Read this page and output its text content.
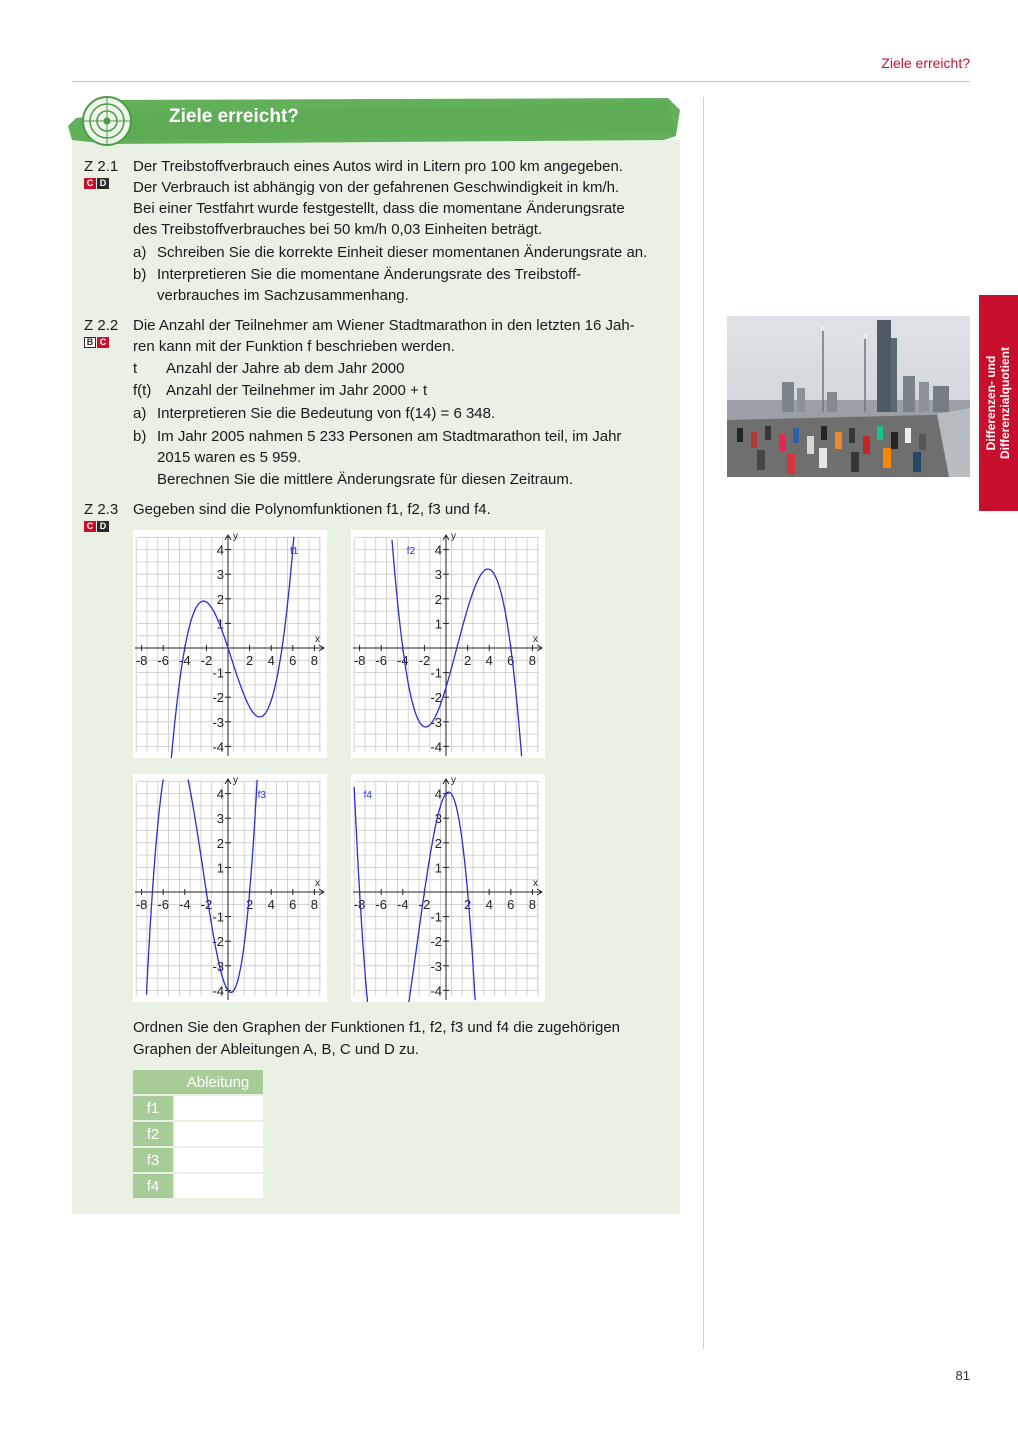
Ziele erreicht?
Ziele erreicht?
Z 2.1
C D
Der Treibstoffverbrauch eines Autos wird in Litern pro 100 km angegeben.
Der Verbrauch ist abhängig von der gefahrenen Geschwindigkeit in km/h.
Bei einer Testfahrt wurde festgestellt, dass die momentane Änderungsrate
des Treibstoffverbrauches bei 50 km/h 0,03 Einheiten beträgt.
a) Schreiben Sie die korrekte Einheit dieser momentanen Änderungsrate an.
b) Interpretieren Sie die momentane Änderungsrate des Treibstoff-
verbrauches im Sachzusammenhang.
Z 2.2
B C
Die Anzahl der Teilnehmer am Wiener Stadtmarathon in den letzten 16 Jah-
ren kann mit der Funktion f beschrieben werden.
t Anzahl der Jahre ab dem Jahr 2000
f(t) Anzahl der Teilnehmer im Jahr 2000 + t
a) Interpretieren Sie die Bedeutung von f(14) = 6 348.
b) Im Jahr 2005 nahmen 5 233 Personen am Stadtmarathon teil, im Jahr
2015 waren es 5 959.
Berechnen Sie die mittlere Änderungsrate für diesen Zeitraum.
Z 2.3
C D
Gegeben sind die Polynomfunktionen f1, f2, f3 und f4.
x
y
-8 -6 -4 -2	2 4 6 8
4
3
2
1
-1
-2
-3
-4
f1
x
y
-8 -6 -4 -2	2 4 6 8
4
3
2
1
-1
-2
-3
-4
f2
x
y
-8 -6 -4 -2	2 4 6 8
4
3
2
1
-1
-2
-3
-4
f3
x
y
-8 -6 -4 -2	2 4 6 8
4
3
2
1
-1
-2
-3
-4
f4
Ordnen Sie den Graphen der Funktionen f1, f2, f3 und f4 die zugehörigen
Graphen der Ableitungen A, B, C und D zu.
	Ableitung
f1	
f2	
f3	
f4	
Differenzen- und Differenzialquotient
81
